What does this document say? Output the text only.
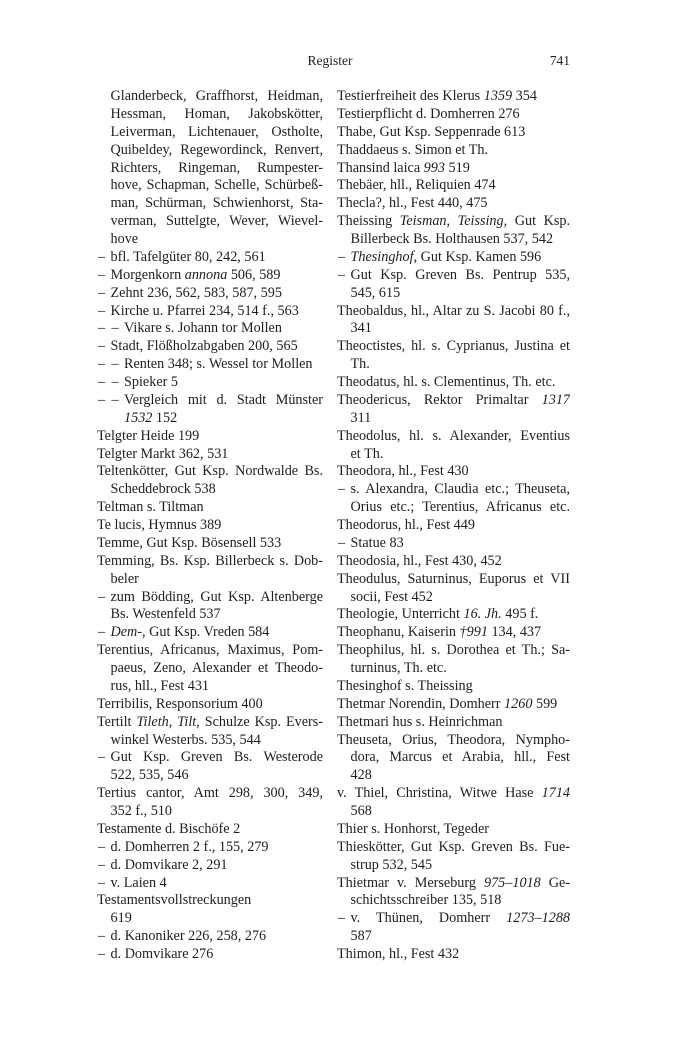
Register	741
Glanderbeck, Graffhorst, Heidman,
Hessman, Homan, Jakobskötter,
Leiverman, Lichtenauer, Ostholte,
Quibeldey, Regewordinck, Renvert,
Richters, Ringeman, Rumpester-
hove, Schapman, Schelle, Schürbeß-
man, Schürman, Schwienhorst, Sta-
verman, Suttelgte, Wever, Wievel-
hove
– bfl. Tafelgüter 80, 242, 561
– Morgenkorn annona 506, 589
– Zehnt 236, 562, 583, 587, 595
– Kirche u. Pfarrei 234, 514 f., 563
– – Vikare s. Johann tor Mollen
– Stadt, Flößholzabgaben 200, 565
– – Renten 348; s. Wessel tor Mollen
– – Spieker 5
– – Vergleich mit d. Stadt Münster
1532 152
Telgter Heide 199
Telgter Markt 362, 531
Teltenkötter, Gut Ksp. Nordwalde Bs.
Scheddebrock 538
Teltman s. Tiltman
Te lucis, Hymnus 389
Temme, Gut Ksp. Bösensell 533
Temming, Bs. Ksp. Billerbeck s. Dob-
beler
– zum Bödding, Gut Ksp. Altenberge
Bs. Westenfeld 537
– Dem-, Gut Ksp. Vreden 584
Terentius, Africanus, Maximus, Pom-
paeus, Zeno, Alexander et Theodo-
rus, hll., Fest 431
Terribilis, Responsorium 400
Tertilt Tileth, Tilt, Schulze Ksp. Evers-
winkel Westerbs. 535, 544
– Gut Ksp. Greven Bs. Westerode
522, 535, 546
Tertius cantor, Amt 298, 300, 349,
352 f., 510
Testamente d. Bischöfe 2
– d. Domherren 2 f., 155, 279
– d. Domvikare 2, 291
– v. Laien 4
Testamentsvollstreckungen
619
– d. Kanoniker 226, 258, 276
– d. Domvikare 276
Testierfreiheit des Klerus 1359 354
Testierpflicht d. Domherren 276
Thabe, Gut Ksp. Seppenrade 613
Thaddaeus s. Simon et Th.
Thansind laica 993 519
Thebäer, hll., Reliquien 474
Thecla?, hl., Fest 440, 475
Theissing Teisman, Teissing, Gut Ksp.
Billerbeck Bs. Holthausen 537, 542
– Thesinghof, Gut Ksp. Kamen 596
– Gut Ksp. Greven Bs. Pentrup 535,
545, 615
Theobaldus, hl., Altar zu S. Jacobi 80 f.,
341
Theoctistes, hl. s. Cyprianus, Justina et
Th.
Theodatus, hl. s. Clementinus, Th. etc.
Theodericus, Rektor Primaltar 1317
311
Theodolus, hl. s. Alexander, Eventius
et Th.
Theodora, hl., Fest 430
– s. Alexandra, Claudia etc.; Theuseta,
Orius etc.; Terentius, Africanus etc.
Theodorus, hl., Fest 449
– Statue 83
Theodosia, hl., Fest 430, 452
Theodulus, Saturninus, Euporus et VII
socii, Fest 452
Theologie, Unterricht 16. Jh. 495 f.
Theophanu, Kaiserin †991 134, 437
Theophilus, hl. s. Dorothea et Th.; Sa-
turninus, Th. etc.
Thesinghof s. Theissing
Thetmar Norendin, Domherr 1260 599
Thetmari hus s. Heinrichman
Theuseta, Orius, Theodora, Nympho-
dora, Marcus et Arabia, hll., Fest
428
v. Thiel, Christina, Witwe Hase 1714
568
Thier s. Honhorst, Tegeder
Thieskötter, Gut Ksp. Greven Bs. Fue-
strup 532, 545
Thietmar v. Merseburg 975–1018 Ge-
schichtsschreiber 135, 518
– v. Thünen, Domherr 1273–1288
587
Thimon, hl., Fest 432
